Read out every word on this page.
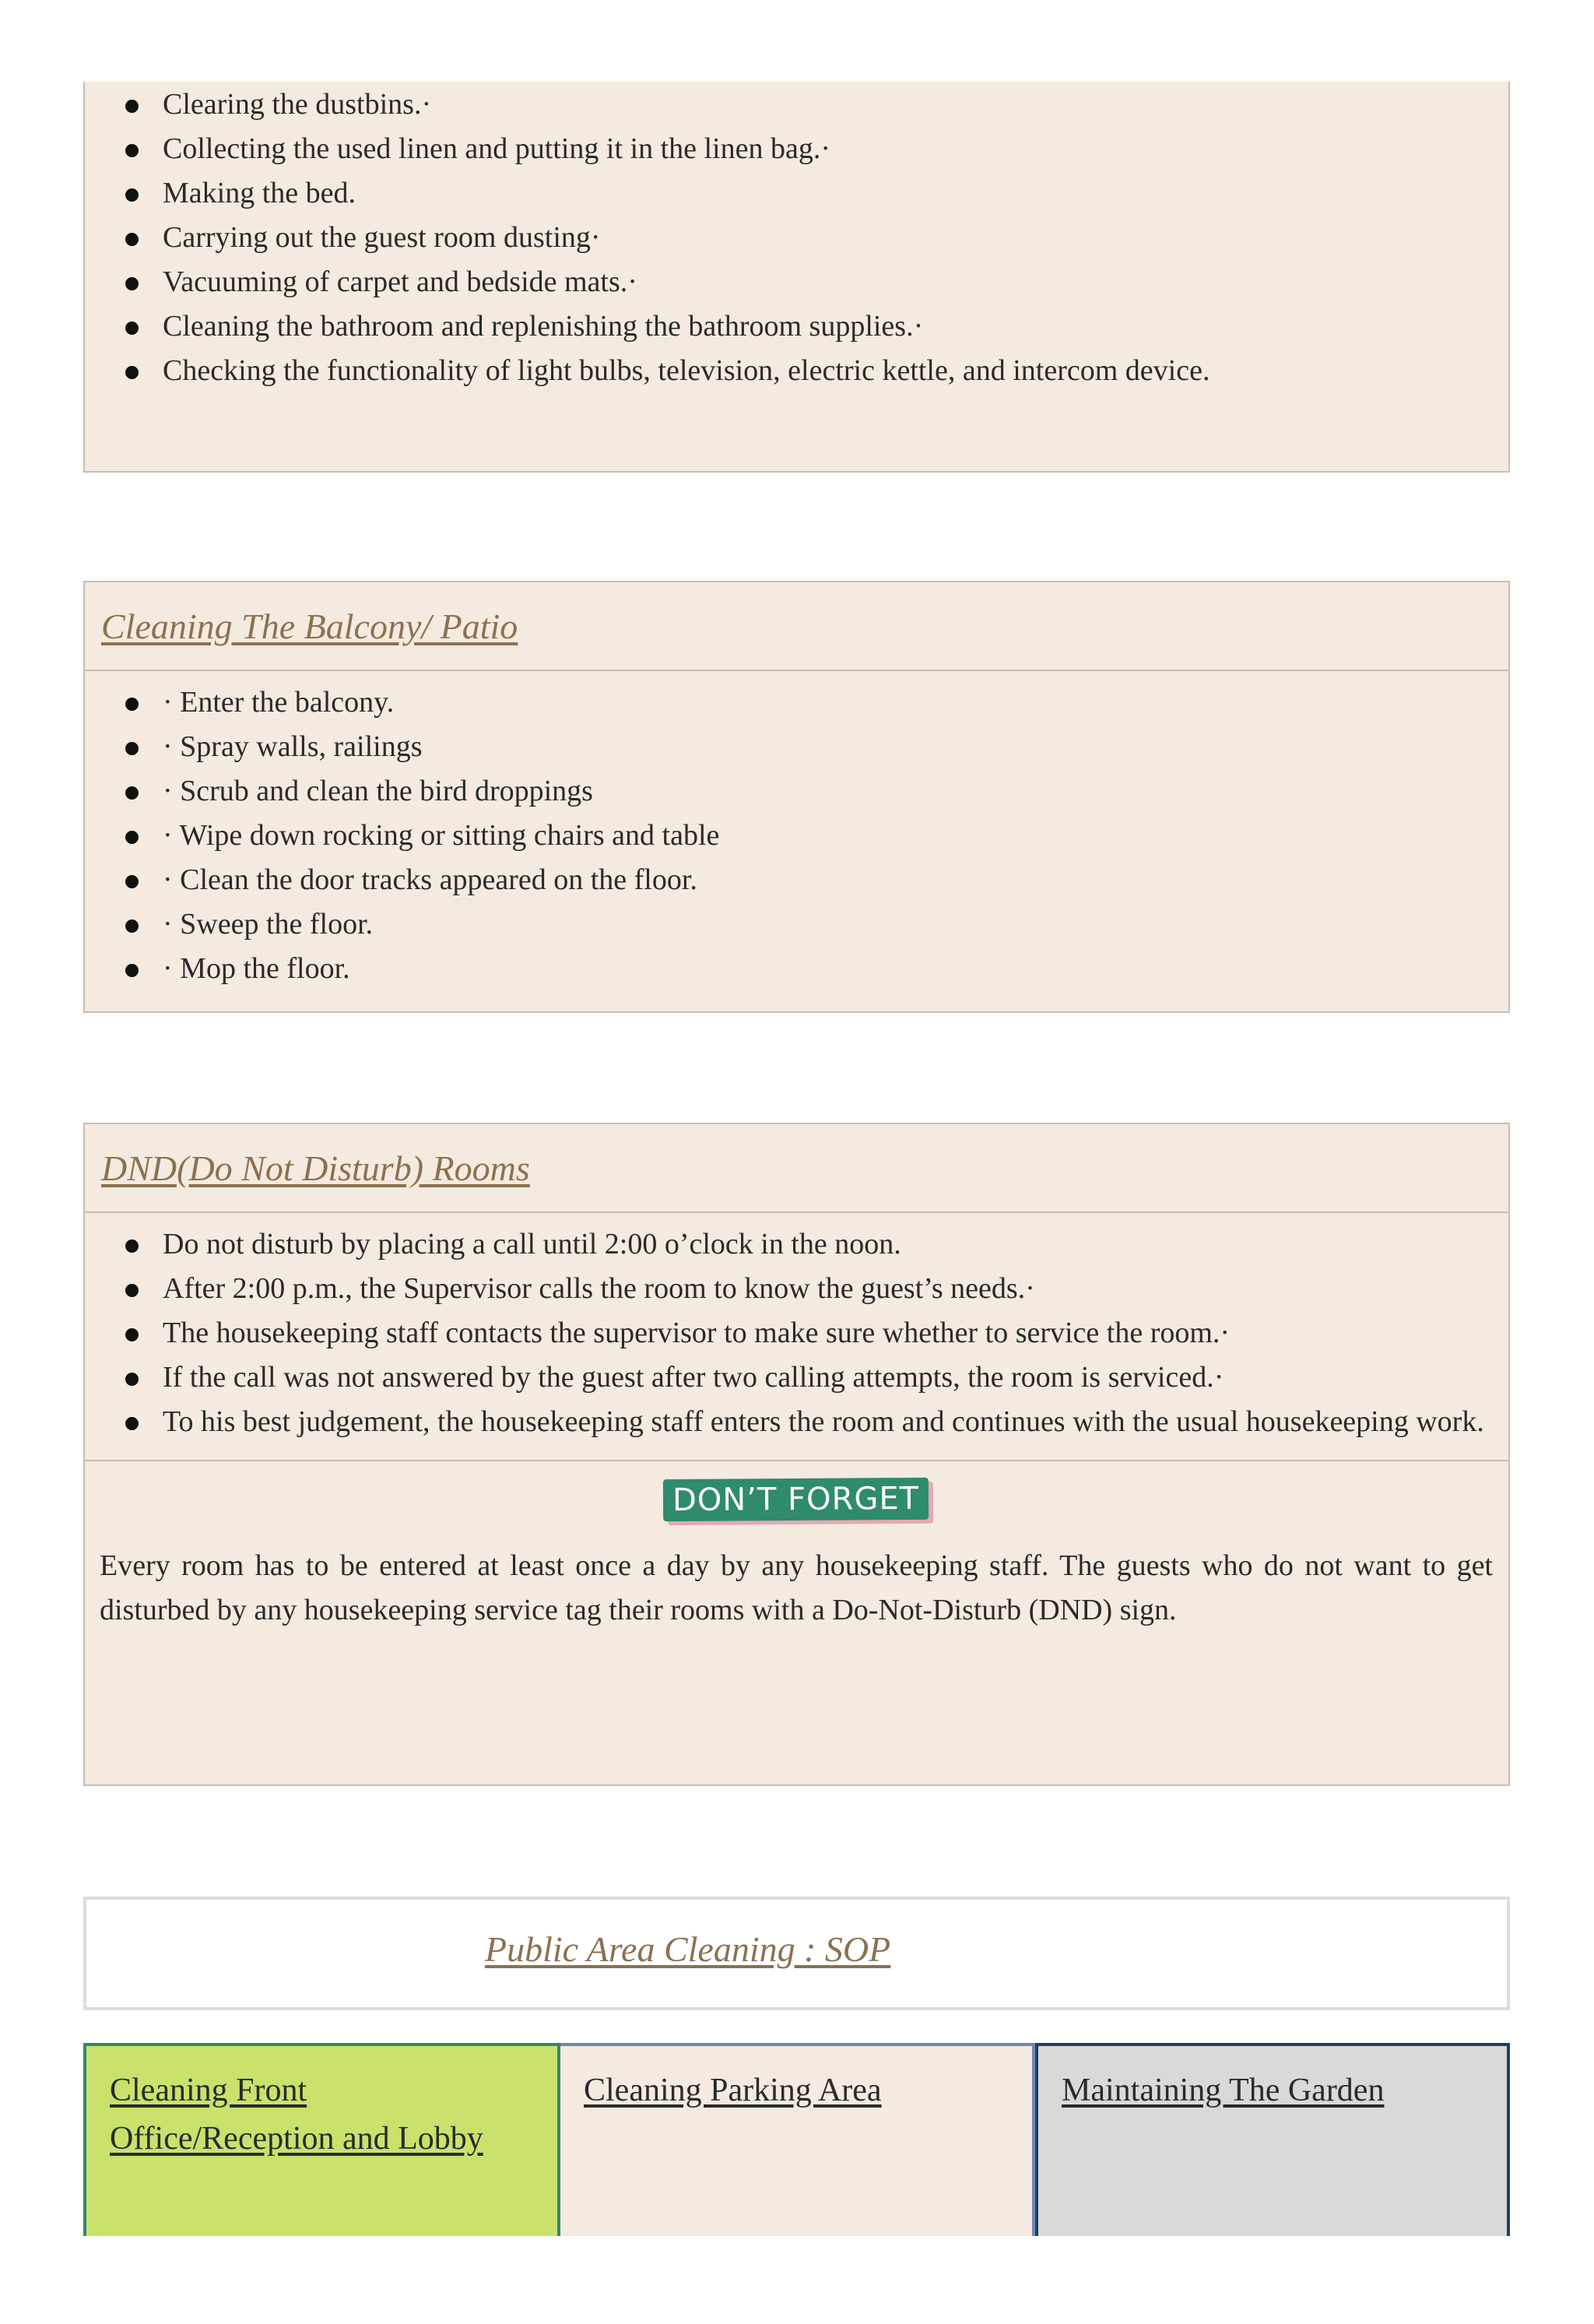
Clearing the dustbins.·
Collecting the used linen and putting it in the linen bag.·
Making the bed.
Carrying out the guest room dusting·
Vacuuming of carpet and bedside mats.·
Cleaning the bathroom and replenishing the bathroom supplies.·
Checking the functionality of light bulbs, television, electric kettle, and intercom device.
Cleaning The Balcony/ Patio
· Enter the balcony.
· Spray walls, railings
· Scrub and clean the bird droppings
· Wipe down rocking or sitting chairs and table
· Clean the door tracks appeared on the floor.
· Sweep the floor.
· Mop the floor.
DND(Do Not Disturb) Rooms
Do not disturb by placing a call until 2:00 o’clock in the noon.
After 2:00 p.m., the Supervisor calls the room to know the guest’s needs.·
The housekeeping staff contacts the supervisor to make sure whether to service the room.·
If the call was not answered by the guest after two calling attempts, the room is serviced.·
To his best judgement, the housekeeping staff enters the room and continues with the usual housekeeping work.
DON’T FORGET
Every room has to be entered at least once a day by any housekeeping staff. The guests who do not want to get disturbed by any housekeeping service tag their rooms with a Do-Not-Disturb (DND) sign.
Public Area Cleaning : SOP
Cleaning Front Office/Reception and Lobby
Cleaning Parking Area	Maintaining The Garden
